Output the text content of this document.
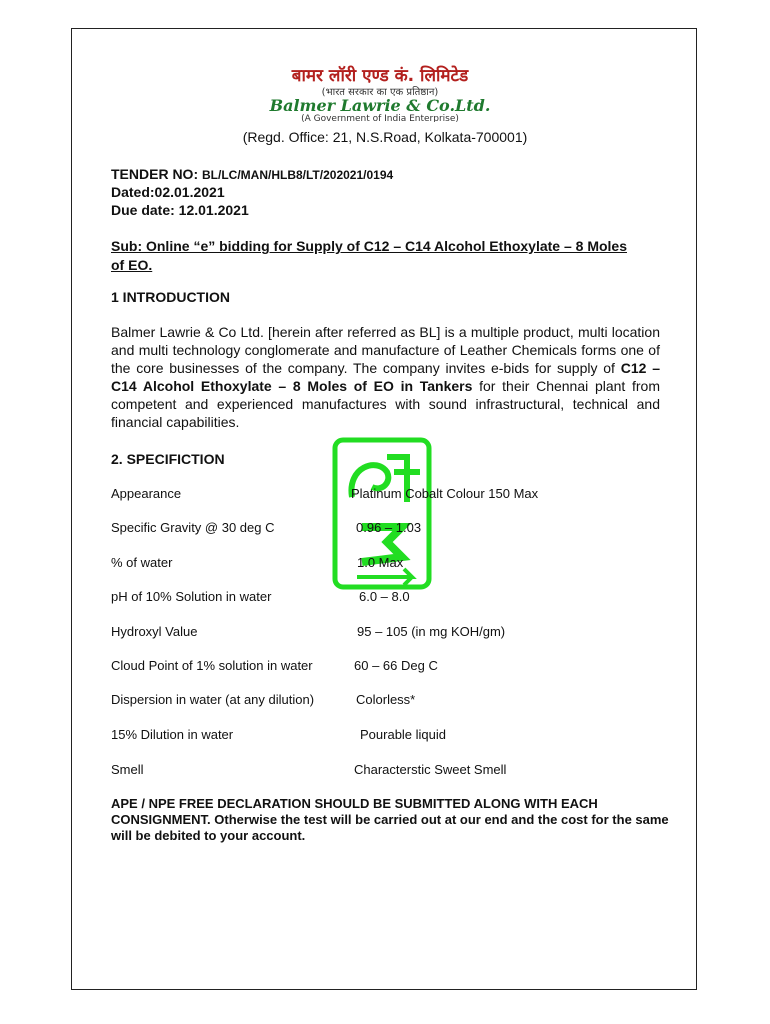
बामर लॉरी एण्ड कं. लिमिटेड
(भारत सरकार का एक प्रतिष्ठान)
Balmer Lawrie & Co.Ltd.
(A Government of India Enterprise)
(Regd. Office: 21, N.S.Road, Kolkata-700001)
TENDER NO: BL/LC/MAN/HLB8/LT/202021/0194
Dated:02.01.2021
Due date: 12.01.2021
Sub: Online “e” bidding for Supply of C12 – C14 Alcohol Ethoxylate – 8 Moles of EO.
1 INTRODUCTION
Balmer Lawrie & Co Ltd. [herein after referred as BL] is a multiple product, multi location and multi technology conglomerate and manufacture of Leather Chemicals forms one of the core businesses of the company. The company invites e-bids for supply of C12 – C14 Alcohol Ethoxylate – 8 Moles of EO in Tankers for their Chennai plant from competent and experienced manufactures with sound infrastructural, technical and financial capabilities.
2. SPECIFICTION
Appearance	Platinum Cobalt Colour 150 Max
Specific Gravity @ 30 deg C	0.96 – 1.03
% of water	1.0 Max
pH of 10% Solution in water	6.0 – 8.0
Hydroxyl Value	95 – 105 (in mg KOH/gm)
Cloud Point of 1% solution in water	60 – 66 Deg C
Dispersion in water (at any dilution)	Colorless*
15% Dilution in water	Pourable liquid
Smell	Characterstic Sweet Smell
APE / NPE FREE DECLARATION SHOULD BE SUBMITTED ALONG WITH EACH CONSIGNMENT. Otherwise the test will be carried out at our end and the cost for the same will be debited to your account.
